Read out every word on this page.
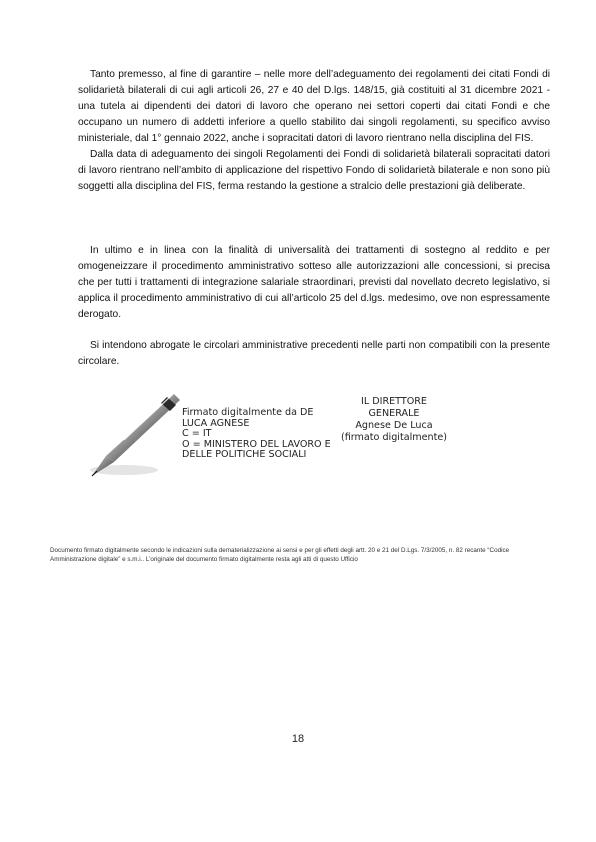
Tanto premesso, al fine di garantire – nelle more dell’adeguamento dei regolamenti dei citati Fondi di solidarietà bilaterali di cui agli articoli 26, 27 e 40 del D.lgs. 148/15, già costituiti al 31 dicembre 2021 - una tutela ai dipendenti dei datori di lavoro che operano nei settori coperti dai citati Fondi e che occupano un numero di addetti inferiore a quello stabilito dai singoli regolamenti, su specifico avviso ministeriale, dal 1° gennaio 2022, anche i sopracitati datori di lavoro rientrano nella disciplina del FIS.

Dalla data di adeguamento dei singoli Regolamenti dei Fondi di solidarietà bilaterali sopracitati datori di lavoro rientrano nell’ambito di applicazione del rispettivo Fondo di solidarietà bilaterale e non sono più soggetti alla disciplina del FIS, ferma restando la gestione a stralcio delle prestazioni già deliberate.

In ultimo e in linea con la finalità di universalità dei trattamenti di sostegno al reddito e per omogeneizzare il procedimento amministrativo sotteso alle autorizzazioni alle concessioni, si precisa che per tutti i trattamenti di integrazione salariale straordinari, previsti dal novellato decreto legislativo, si applica il procedimento amministrativo di cui all’articolo 25 del d.lgs. medesimo, ove non espressamente derogato.

Si intendono abrogate le circolari amministrative precedenti nelle parti non compatibili con la presente circolare.

Firmato digitalmente da DE
LUCA AGNESE
C = IT
O = MINISTERO DEL LAVORO E
DELLE POLITICHE SOCIALI
IL DIRETTORE GENERALE
Agnese De Luca
(firmato digitalmente)

Documento firmato digitalmente secondo le indicazioni sulla dematerializzazione ai sensi e per gli effetti degli artt. 20 e 21 del D.Lgs. 7/3/2005, n. 82 recante “Codice Amministrazione digitale” e s.m.i.. L’originale del documento firmato digitalmente resta agli atti di questo Ufficio

18
